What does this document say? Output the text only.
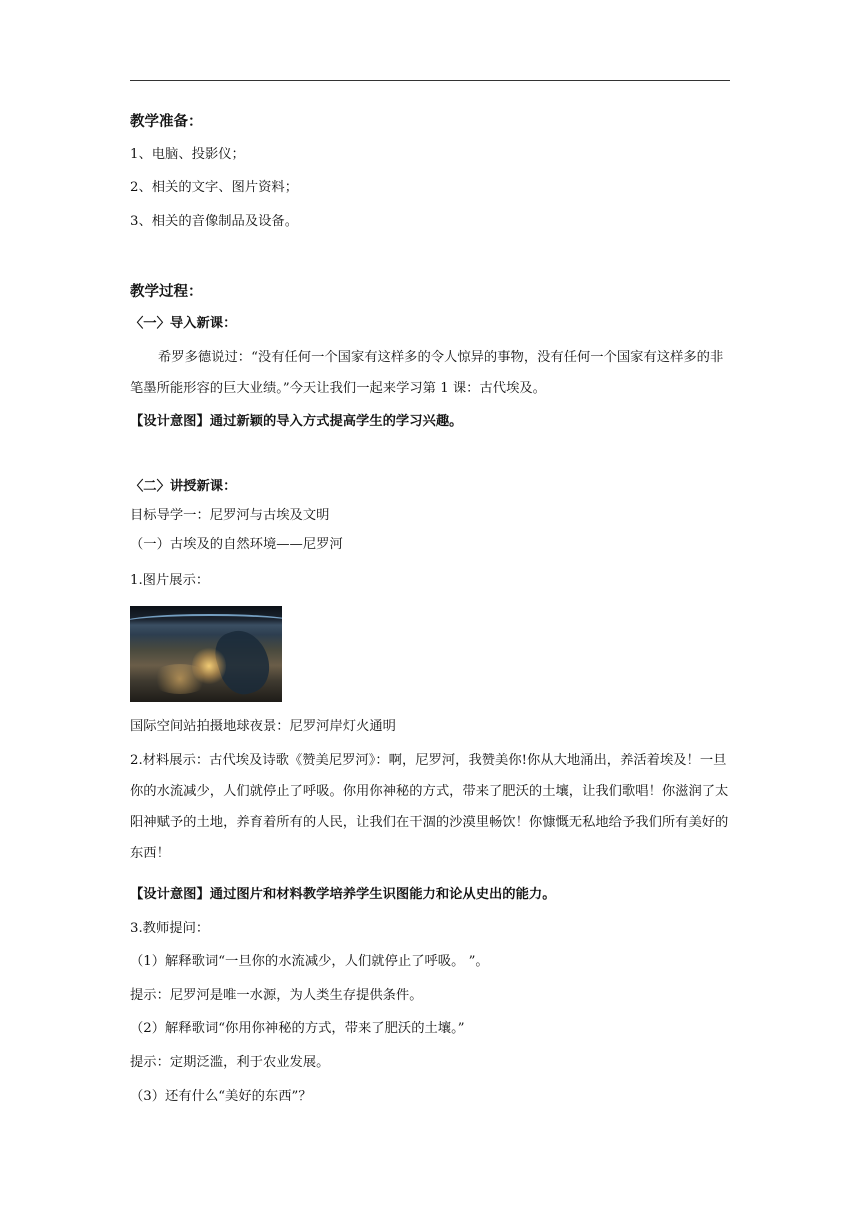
教学准备：
1、电脑、投影仪；
2、相关的文字、图片资料；
3、相关的音像制品及设备。
教学过程：
〈一〉导入新课：
希罗多德说过：“没有任何一个国家有这样多的令人惊异的事物，没有任何一个国家有这样多的非笔墨所能形容的巨大业绩。”今天让我们一起来学习第 1 课：古代埃及。
【设计意图】通过新颖的导入方式提高学生的学习兴趣。
〈二〉讲授新课：
目标导学一：尼罗河与古埃及文明
（一）古埃及的自然环境——尼罗河
1.图片展示：
国际空间站拍摄地球夜景：尼罗河岸灯火通明
2.材料展示：古代埃及诗歌《赞美尼罗河》：啊，尼罗河，我赞美你!你从大地涌出，养活着埃及！一旦你的水流减少，人们就停止了呼吸。你用你神秘的方式，带来了肥沃的土壤，让我们歌唱！你滋润了太阳神赋予的土地，养育着所有的人民，让我们在干涸的沙漠里畅饮！你慷慨无私地给予我们所有美好的东西！
【设计意图】通过图片和材料教学培养学生识图能力和论从史出的能力。
3.教师提问：
（1）解释歌词“一旦你的水流减少，人们就停止了呼吸。 ”。
提示：尼罗河是唯一水源，为人类生存提供条件。
（2）解释歌词“你用你神秘的方式，带来了肥沃的土壤。”
提示：定期泛滥，利于农业发展。
（3）还有什么“美好的东西”？
